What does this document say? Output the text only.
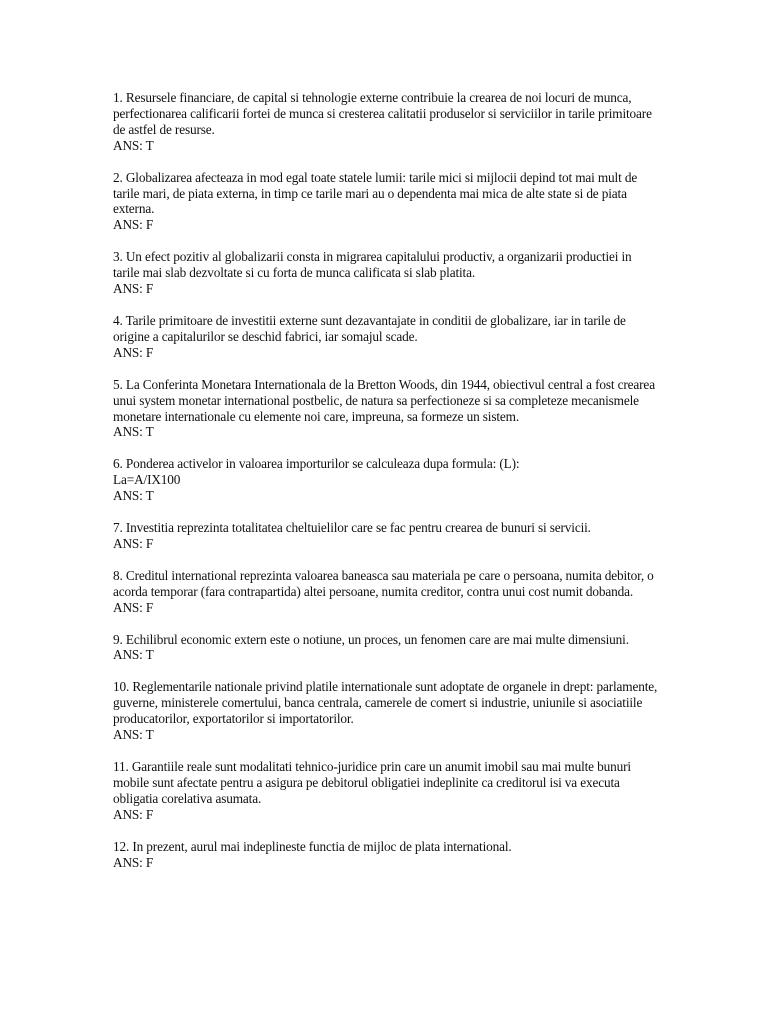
1. Resursele financiare, de capital si tehnologie externe contribuie la crearea de noi locuri de munca, perfectionarea calificarii fortei de munca si cresterea calitatii produselor si serviciilor in tarile primitoare de astfel de resurse.
ANS: T
2. Globalizarea afecteaza in mod egal toate statele lumii: tarile mici si mijlocii depind tot mai mult de tarile mari, de piata externa, in timp ce tarile mari au o dependenta mai mica de alte state si de piata externa.
ANS: F
3. Un efect pozitiv al globalizarii consta in migrarea capitalului productiv, a organizarii productiei in tarile mai slab dezvoltate si cu forta de munca calificata si slab platita.
ANS: F
4. Tarile primitoare de investitii externe sunt dezavantajate in conditii de globalizare, iar in tarile de origine a capitalurilor se deschid fabrici, iar somajul scade.
ANS: F
5. La Conferinta Monetara Internationala de la Bretton Woods, din 1944, obiectivul central a fost crearea unui system monetar international postbelic, de natura sa perfectioneze si sa completeze mecanismele monetare internationale cu elemente noi care, impreuna, sa formeze un sistem.
ANS: T
6. Ponderea activelor in valoarea importurilor se calculeaza dupa formula: (L):
La=A/IX100
ANS: T
7. Investitia reprezinta totalitatea cheltuielilor care se fac pentru crearea de bunuri si servicii.
ANS: F
8. Creditul international reprezinta valoarea baneasca sau materiala pe care o persoana, numita debitor, o acorda temporar (fara contrapartida) altei persoane, numita creditor, contra unui cost numit dobanda.
ANS: F
9. Echilibrul economic extern este o notiune, un proces, un fenomen care are mai multe dimensiuni.
ANS: T
10. Reglementarile nationale privind platile internationale sunt adoptate de organele in drept: parlamente, guverne, ministerele comertului, banca centrala, camerele de comert si industrie, uniunile si asociatiile producatorilor, exportatorilor si importatorilor.
ANS: T
11. Garantiile reale sunt modalitati tehnico-juridice prin care un anumit imobil sau mai multe bunuri mobile sunt afectate pentru a asigura pe debitorul obligatiei indeplinite ca creditorul isi va executa obligatia corelativa asumata.
ANS: F
12. In prezent, aurul mai indeplineste functia de mijloc de plata international.
ANS: F
